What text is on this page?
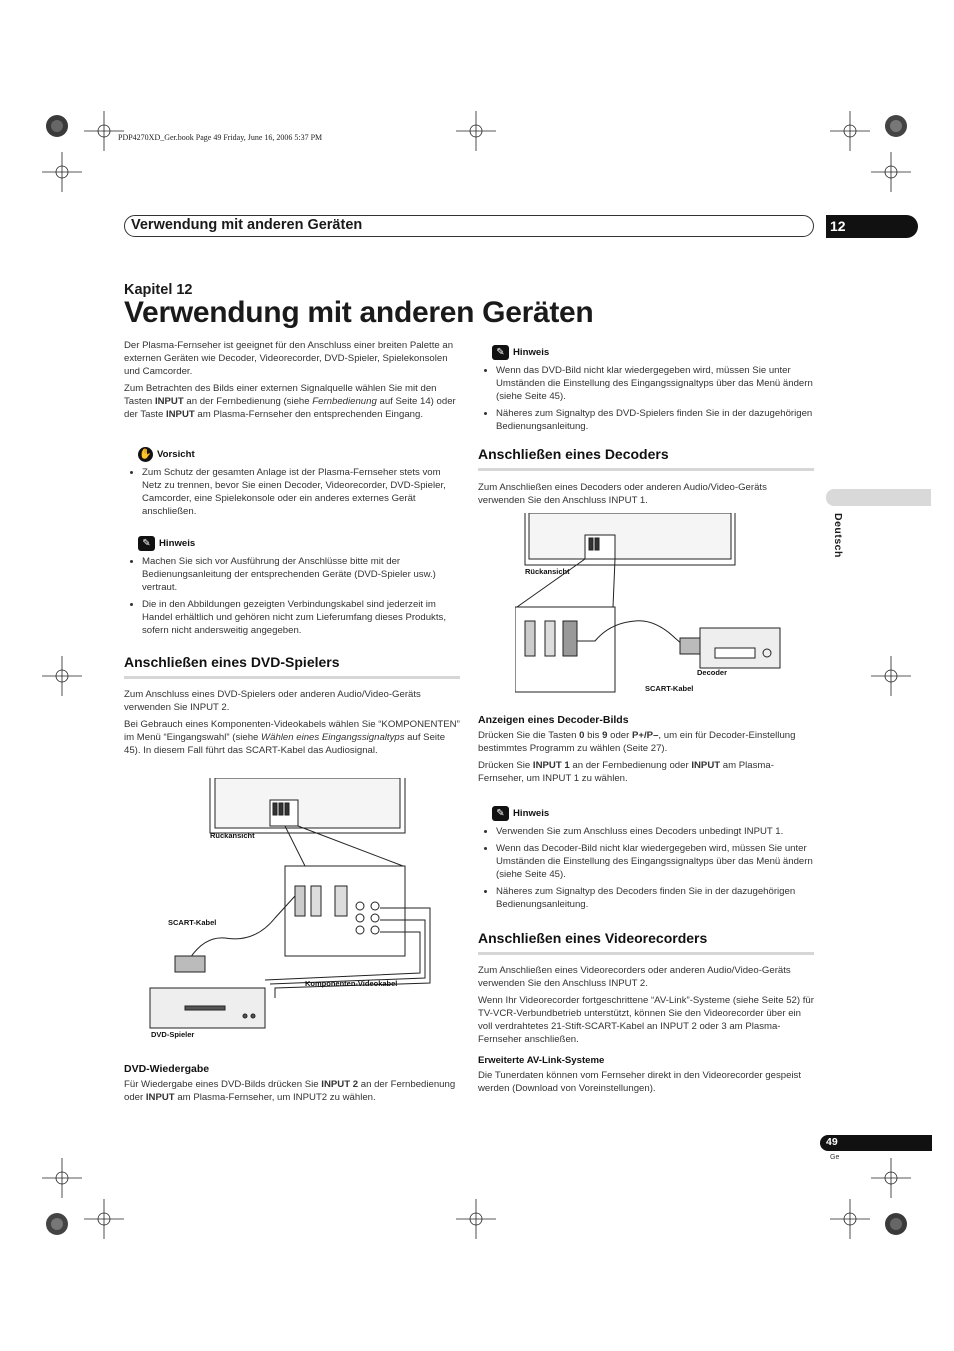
PDP4270XD_Ger.book Page 49 Friday, June 16, 2006 5:37 PM
Verwendung mit anderen Geräten	12
Kapitel 12
Verwendung mit anderen Geräten

Der Plasma-Fernseher ist geeignet für den Anschluss einer breiten Palette an externen Geräten wie Decoder, Videorecorder, DVD-Spieler, Spielekonsolen und Camcorder.

Zum Betrachten des Bilds einer externen Signalquelle wählen Sie mit den Tasten INPUT an der Fernbedienung (siehe Fernbedienung auf Seite 14) oder der Taste INPUT am Plasma-Fernseher den entsprechenden Eingang.

✋ Vorsicht
• Zum Schutz der gesamten Anlage ist der Plasma-Fernseher stets vom Netz zu trennen, bevor Sie einen Decoder, Videorecorder, DVD-Spieler, Camcorder, eine Spielekonsole oder ein anderes externes Gerät anschließen.
✎ Hinweis
• Machen Sie sich vor Ausführung der Anschlüsse bitte mit der Bedienungsanleitung der entsprechenden Geräte (DVD-Spieler usw.) vertraut.
• Die in den Abbildungen gezeigten Verbindungskabel sind jederzeit im Handel erhältlich und gehören nicht zum Lieferumfang dieses Produkts, sofern nicht andersweitig angegeben.
Anschließen eines DVD-Spielers

Zum Anschluss eines DVD-Spielers oder anderen Audio/Video-Geräts verwenden Sie INPUT 2.

Bei Gebrauch eines Komponenten-Videokabels wählen Sie “KOMPONENTEN” im Menü “Eingangswahl” (siehe Wählen eines Eingangssignaltyps auf Seite 45). In diesem Fall führt das SCART-Kabel das Audiosignal.

Rückansicht
SCART-Kabel
Komponenten-Videokabel
DVD-Spieler
DVD-Wiedergabe

Für Wiedergabe eines DVD-Bilds drücken Sie INPUT 2 an der Fernbedienung oder INPUT am Plasma-Fernseher, um INPUT2 zu wählen.

✎ Hinweis
• Wenn das DVD-Bild nicht klar wiedergegeben wird, müssen Sie unter Umständen die Einstellung des Eingangssignaltyps über das Menü ändern (siehe Seite 45).
• Näheres zum Signaltyp des DVD-Spielers finden Sie in der dazugehörigen Bedienungsanleitung.
Anschließen eines Decoders

Zum Anschließen eines Decoders oder anderen Audio/Video-Geräts verwenden Sie den Anschluss INPUT 1.

Rückansicht
Decoder
SCART-Kabel
Anzeigen eines Decoder-Bilds

Drücken Sie die Tasten 0 bis 9 oder P+/P–, um ein für Decoder-Einstellung bestimmtes Programm zu wählen (Seite 27).

Drücken Sie INPUT 1 an der Fernbedienung oder INPUT am Plasma-Fernseher, um INPUT 1 zu wählen.

✎ Hinweis
• Verwenden Sie zum Anschluss eines Decoders unbedingt INPUT 1.
• Wenn das Decoder-Bild nicht klar wiedergegeben wird, müssen Sie unter Umständen die Einstellung des Eingangssignaltyps über das Menü ändern (siehe Seite 45).
• Näheres zum Signaltyp des Decoders finden Sie in der dazugehörigen Bedienungsanleitung.
Anschließen eines Videorecorders

Zum Anschließen eines Videorecorders oder anderen Audio/Video-Geräts verwenden Sie den Anschluss INPUT 2.

Wenn Ihr Videorecorder fortgeschrittene “AV-Link”-Systeme (siehe Seite 52) für TV-VCR-Verbundbetrieb unterstützt, können Sie den Videorecorder über ein voll verdrahtetes 21-Stift-SCART-Kabel an INPUT 2 oder 3 am Plasma-Fernseher anschließen.

Erweiterte AV-Link-Systeme

Die Tunerdaten können vom Fernseher direkt in den Videorecorder gespeist werden (Download von Voreinstellungen).

Deutsch
49
Ge
